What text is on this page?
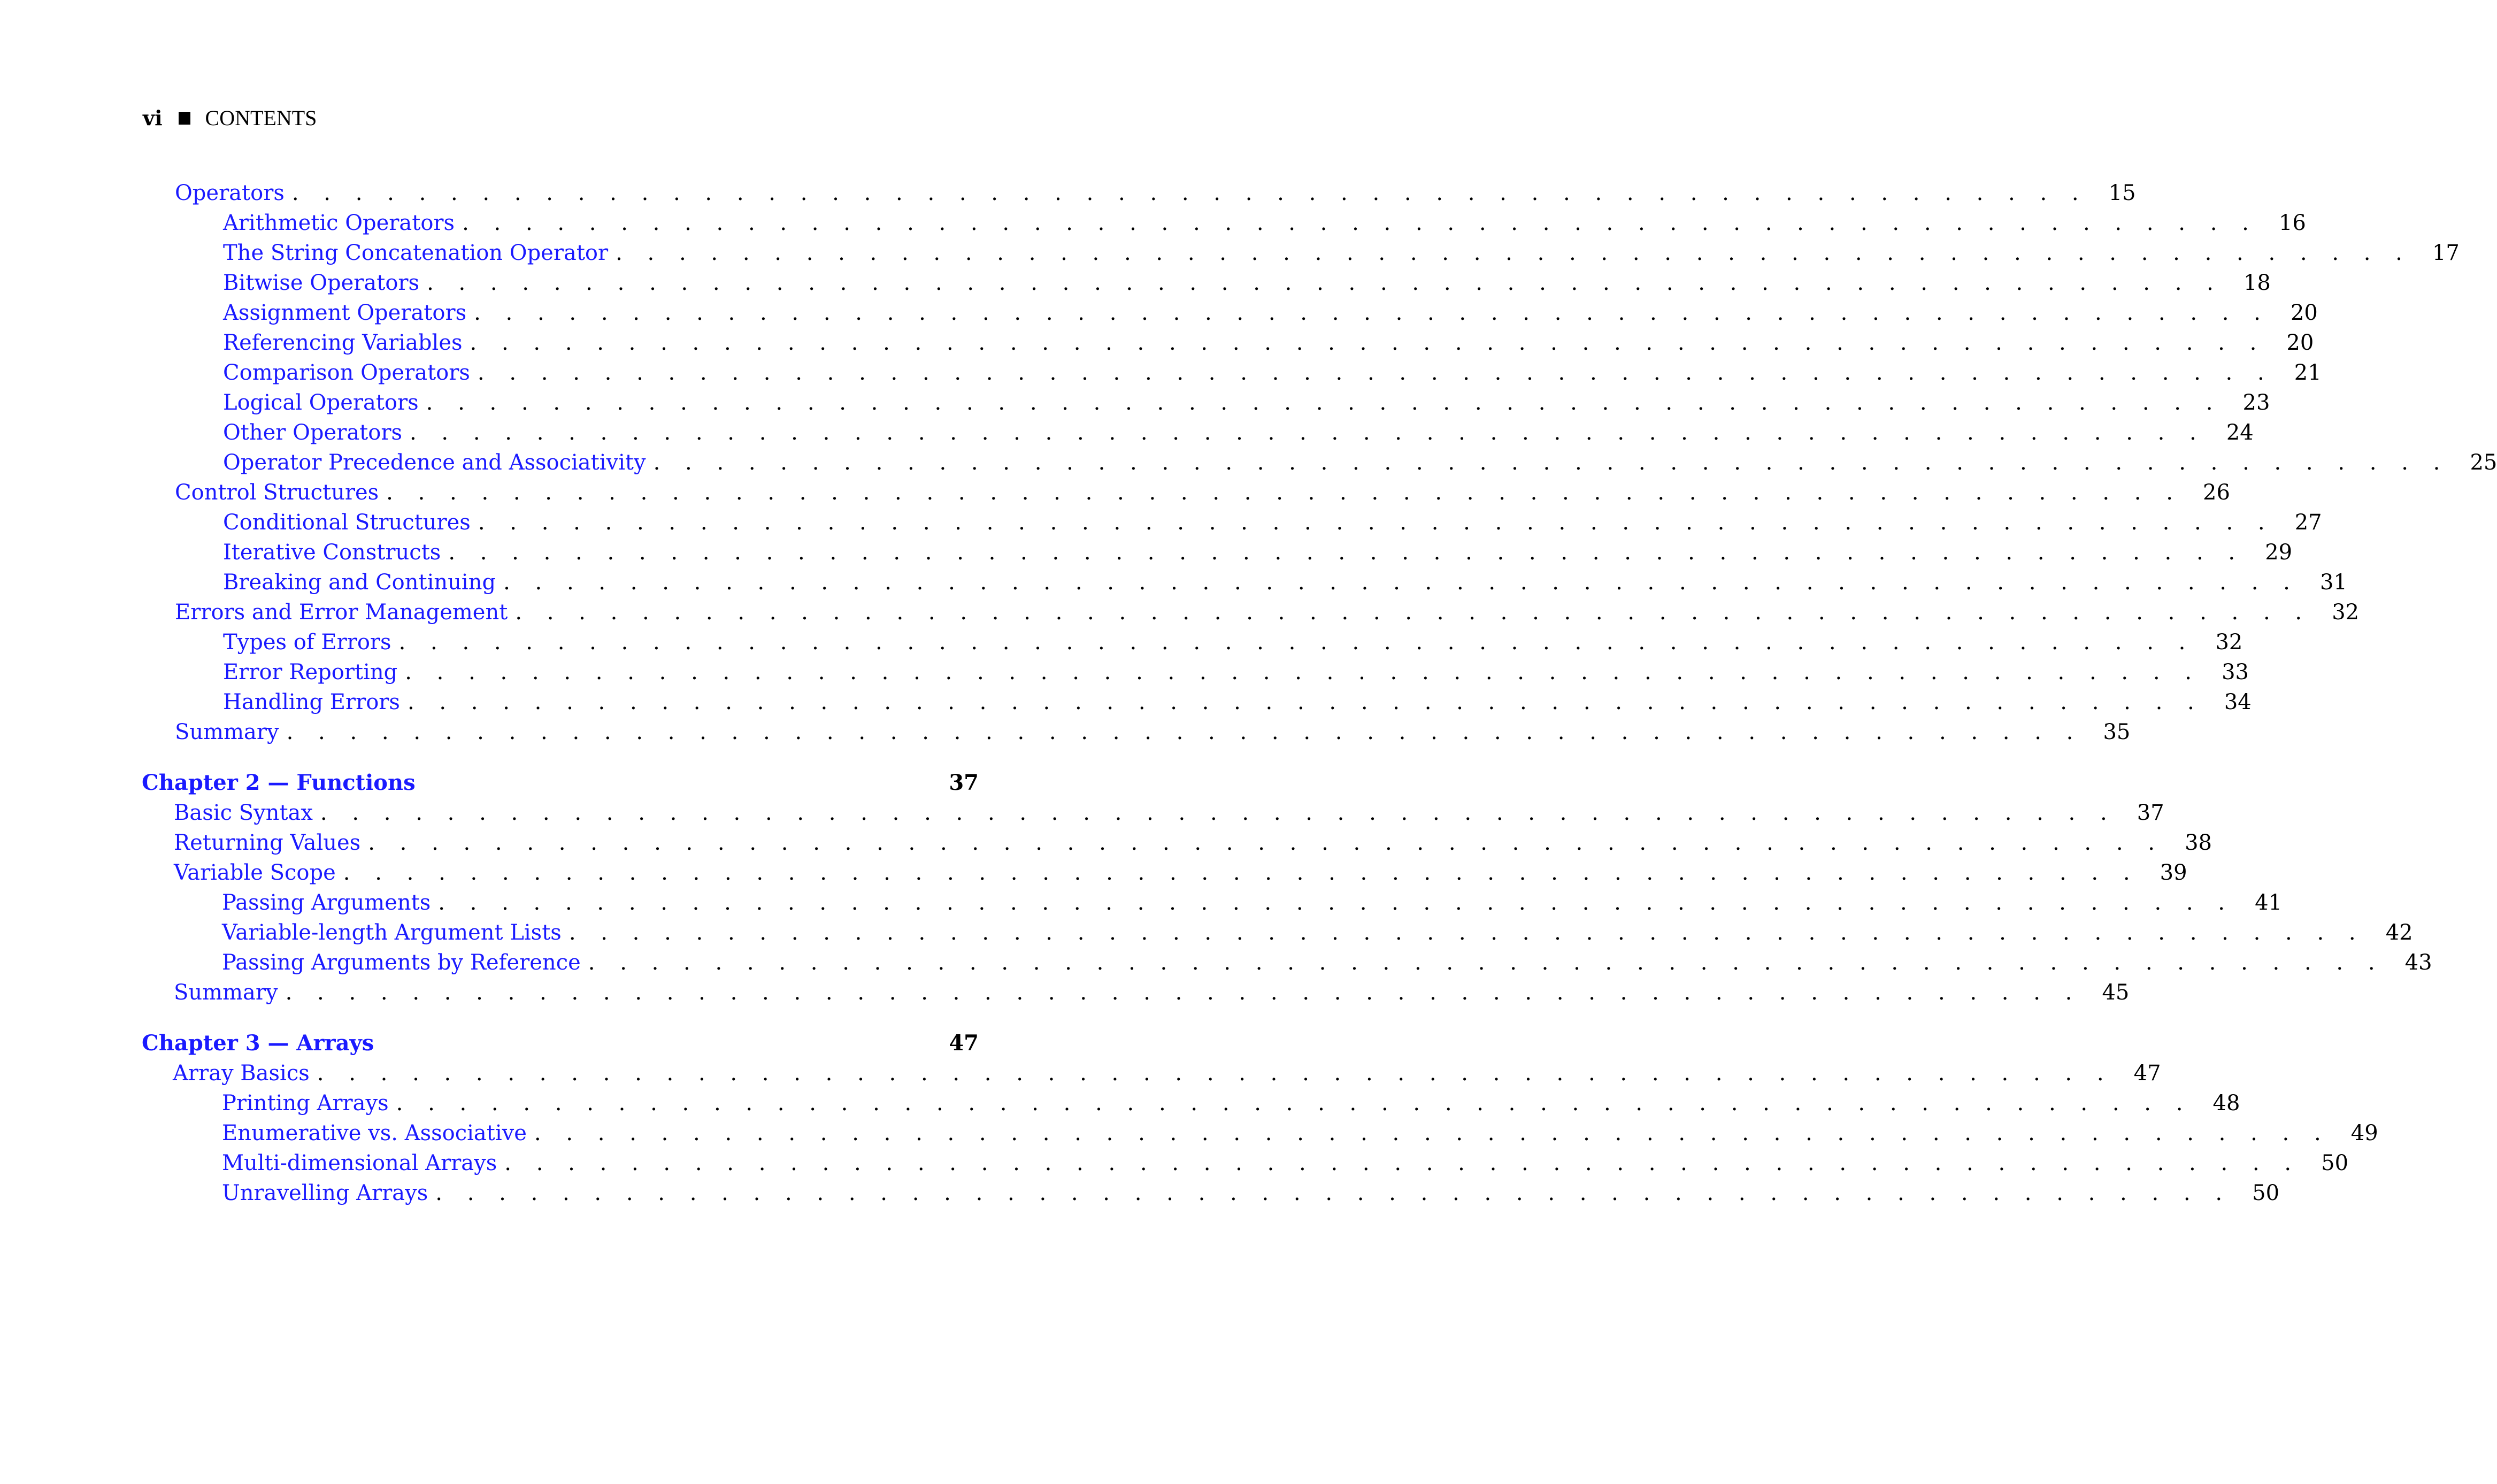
vi CONTENTS
Operators . . . . . . . . . . . . . . . . . . . . . . . . . . . . . . . . . . . . . . . . . . . . . . . . . . . . . . . . . 15
Arithmetic Operators . . . . . . . . . . . . . . . . . . . . . . . . . . . . . . . . . . . . . . . . . . . . . . . . . . . . . . . . . 16
The String Concatenation Operator . . . . . . . . . . . . . . . . . . . . . . . . . . . . . . . . . . . . . . . . . . . . . . . . . . . . . . . . . 17
Bitwise Operators . . . . . . . . . . . . . . . . . . . . . . . . . . . . . . . . . . . . . . . . . . . . . . . . . . . . . . . . . 18
Assignment Operators . . . . . . . . . . . . . . . . . . . . . . . . . . . . . . . . . . . . . . . . . . . . . . . . . . . . . . . . . 20
Referencing Variables . . . . . . . . . . . . . . . . . . . . . . . . . . . . . . . . . . . . . . . . . . . . . . . . . . . . . . . . . 20
Comparison Operators . . . . . . . . . . . . . . . . . . . . . . . . . . . . . . . . . . . . . . . . . . . . . . . . . . . . . . . . . 21
Logical Operators . . . . . . . . . . . . . . . . . . . . . . . . . . . . . . . . . . . . . . . . . . . . . . . . . . . . . . . . . 23
Other Operators . . . . . . . . . . . . . . . . . . . . . . . . . . . . . . . . . . . . . . . . . . . . . . . . . . . . . . . . . 24
Operator Precedence and Associativity . . . . . . . . . . . . . . . . . . . . . . . . . . . . . . . . . . . . . . . . . . . . . . . . . . . . . . . . . 25
Control Structures . . . . . . . . . . . . . . . . . . . . . . . . . . . . . . . . . . . . . . . . . . . . . . . . . . . . . . . . . 26
Conditional Structures . . . . . . . . . . . . . . . . . . . . . . . . . . . . . . . . . . . . . . . . . . . . . . . . . . . . . . . . . 27
Iterative Constructs . . . . . . . . . . . . . . . . . . . . . . . . . . . . . . . . . . . . . . . . . . . . . . . . . . . . . . . . . 29
Breaking and Continuing . . . . . . . . . . . . . . . . . . . . . . . . . . . . . . . . . . . . . . . . . . . . . . . . . . . . . . . . . 31
Errors and Error Management . . . . . . . . . . . . . . . . . . . . . . . . . . . . . . . . . . . . . . . . . . . . . . . . . . . . . . . . . 32
Types of Errors . . . . . . . . . . . . . . . . . . . . . . . . . . . . . . . . . . . . . . . . . . . . . . . . . . . . . . . . . 32
Error Reporting . . . . . . . . . . . . . . . . . . . . . . . . . . . . . . . . . . . . . . . . . . . . . . . . . . . . . . . . . 33
Handling Errors . . . . . . . . . . . . . . . . . . . . . . . . . . . . . . . . . . . . . . . . . . . . . . . . . . . . . . . . . 34
Summary . . . . . . . . . . . . . . . . . . . . . . . . . . . . . . . . . . . . . . . . . . . . . . . . . . . . . . . . . 35
Chapter 2 — Functions	37
Basic Syntax . . . . . . . . . . . . . . . . . . . . . . . . . . . . . . . . . . . . . . . . . . . . . . . . . . . . . . . . . 37
Returning Values . . . . . . . . . . . . . . . . . . . . . . . . . . . . . . . . . . . . . . . . . . . . . . . . . . . . . . . . . 38
Variable Scope . . . . . . . . . . . . . . . . . . . . . . . . . . . . . . . . . . . . . . . . . . . . . . . . . . . . . . . . . 39
Passing Arguments . . . . . . . . . . . . . . . . . . . . . . . . . . . . . . . . . . . . . . . . . . . . . . . . . . . . . . . . . 41
Variable-length Argument Lists . . . . . . . . . . . . . . . . . . . . . . . . . . . . . . . . . . . . . . . . . . . . . . . . . . . . . . . . . 42
Passing Arguments by Reference . . . . . . . . . . . . . . . . . . . . . . . . . . . . . . . . . . . . . . . . . . . . . . . . . . . . . . . . . 43
Summary . . . . . . . . . . . . . . . . . . . . . . . . . . . . . . . . . . . . . . . . . . . . . . . . . . . . . . . . . 45
Chapter 3 — Arrays	47
Array Basics . . . . . . . . . . . . . . . . . . . . . . . . . . . . . . . . . . . . . . . . . . . . . . . . . . . . . . . . . 47
Printing Arrays . . . . . . . . . . . . . . . . . . . . . . . . . . . . . . . . . . . . . . . . . . . . . . . . . . . . . . . . . 48
Enumerative vs. Associative . . . . . . . . . . . . . . . . . . . . . . . . . . . . . . . . . . . . . . . . . . . . . . . . . . . . . . . . . 49
Multi-dimensional Arrays . . . . . . . . . . . . . . . . . . . . . . . . . . . . . . . . . . . . . . . . . . . . . . . . . . . . . . . . . 50
Unravelling Arrays . . . . . . . . . . . . . . . . . . . . . . . . . . . . . . . . . . . . . . . . . . . . . . . . . . . . . . . . . 50
